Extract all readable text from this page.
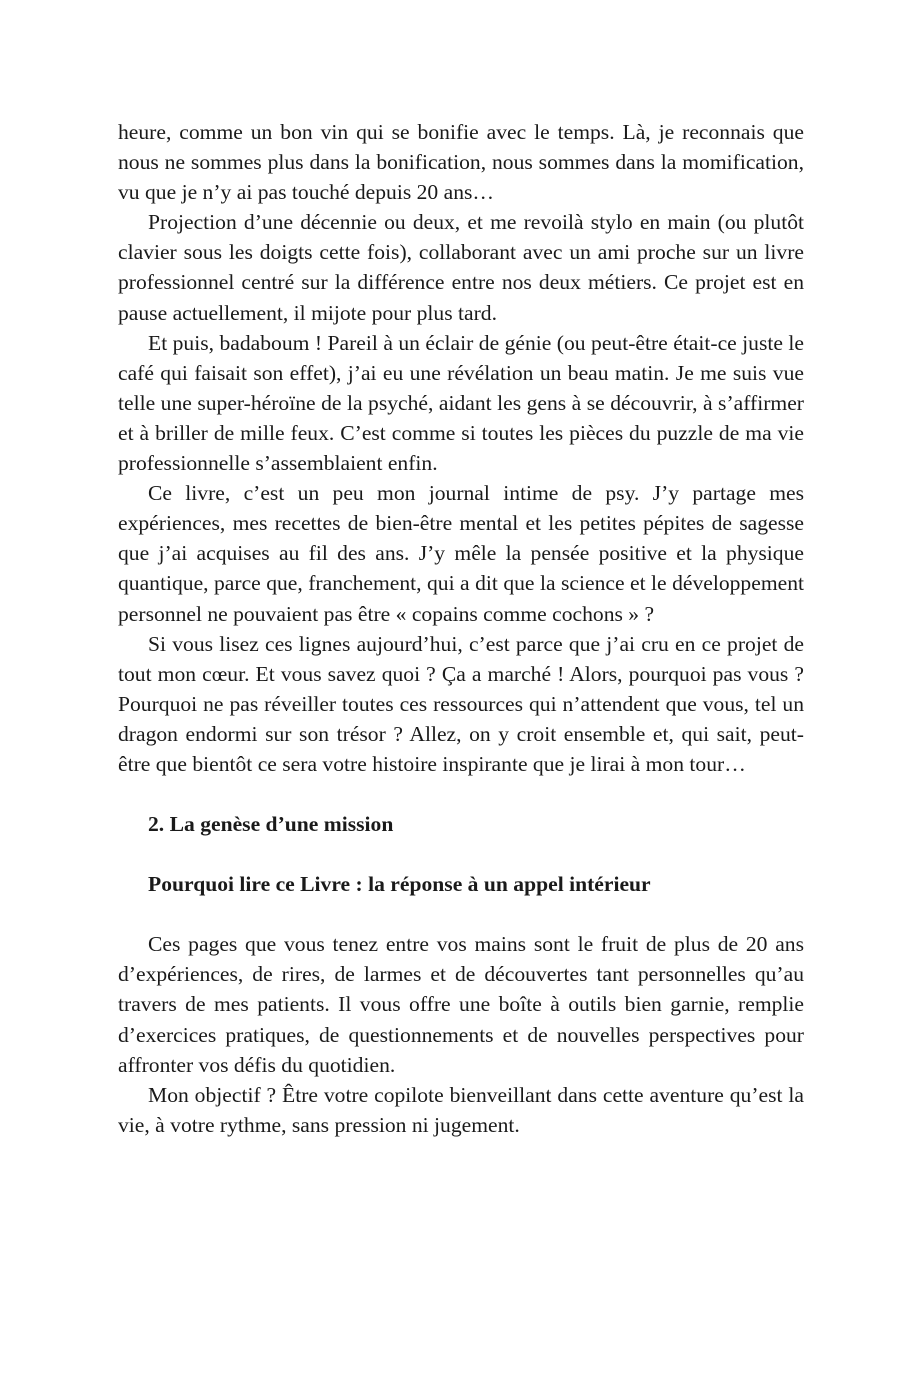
heure, comme un bon vin qui se bonifie avec le temps. Là, je reconnais que nous ne sommes plus dans la bonification, nous sommes dans la momification, vu que je n’y ai pas touché depuis 20 ans…

Projection d’une décennie ou deux, et me revoilà stylo en main (ou plutôt clavier sous les doigts cette fois), collaborant avec un ami proche sur un livre professionnel centré sur la différence entre nos deux métiers. Ce projet est en pause actuellement, il mijote pour plus tard.

Et puis, badaboum ! Pareil à un éclair de génie (ou peut-être était-ce juste le café qui faisait son effet), j’ai eu une révélation un beau matin. Je me suis vue telle une super-héroïne de la psyché, aidant les gens à se découvrir, à s’affirmer et à briller de mille feux. C’est comme si toutes les pièces du puzzle de ma vie professionnelle s’assemblaient enfin.

Ce livre, c’est un peu mon journal intime de psy. J’y partage mes expériences, mes recettes de bien-être mental et les petites pépites de sagesse que j’ai acquises au fil des ans. J’y mêle la pensée positive et la physique quantique, parce que, franchement, qui a dit que la science et le développement personnel ne pouvaient pas être « copains comme cochons » ?

Si vous lisez ces lignes aujourd’hui, c’est parce que j’ai cru en ce projet de tout mon cœur. Et vous savez quoi ? Ça a marché ! Alors, pourquoi pas vous ? Pourquoi ne pas réveiller toutes ces ressources qui n’attendent que vous, tel un dragon endormi sur son trésor ? Allez, on y croit ensemble et, qui sait, peut-être que bientôt ce sera votre histoire inspirante que je lirai à mon tour…

2. La genèse d’une mission
Pourquoi lire ce Livre : la réponse à un appel intérieur

Ces pages que vous tenez entre vos mains sont le fruit de plus de 20 ans d’expériences, de rires, de larmes et de découvertes tant personnelles qu’au travers de mes patients. Il vous offre une boîte à outils bien garnie, remplie d’exercices pratiques, de questionnements et de nouvelles perspectives pour affronter vos défis du quotidien.

Mon objectif ? Être votre copilote bienveillant dans cette aventure qu’est la vie, à votre rythme, sans pression ni jugement.
